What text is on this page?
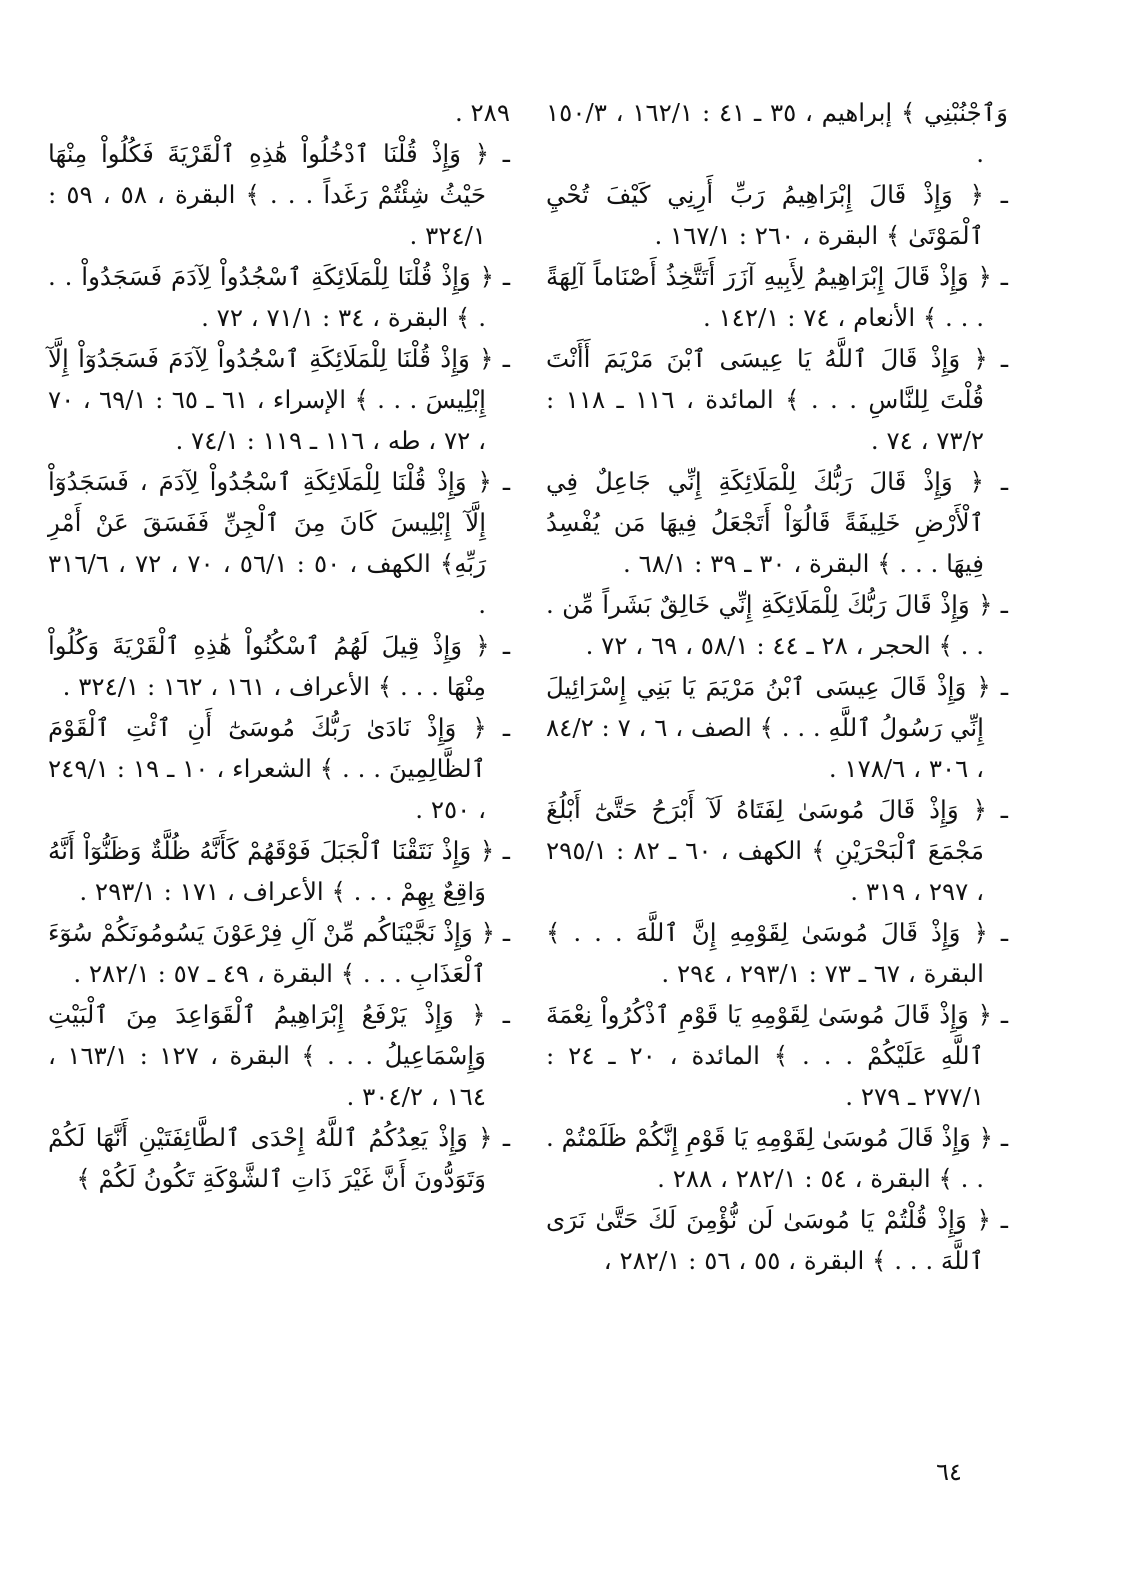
وَٱجْنُبْنِي ﴾ إبراهيم ، ٣٥ ـ ٤١ : ١٦٢/١ ، ١٥٠/٣ .

ـ ﴿ وَإِذْ قَالَ إِبْرَاهِيمُ رَبِّ أَرِنِي كَيْفَ تُحْيِ ٱلْمَوْتَىٰ ﴾ البقرة ، ٢٦٠ : ١٦٧/١ .

ـ ﴿ وَإِذْ قَالَ إِبْرَاهِيمُ لِأَبِيهِ آزَرَ أَتَتَّخِذُ أَصْنَاماً آلِهَةً . . . ﴾ الأنعام ، ٧٤ : ١٤٢/١ .

ـ ﴿ وَإِذْ قَالَ ٱللَّهُ يَا عِيسَى ٱبْنَ مَرْيَمَ أَأَنْتَ قُلْتَ لِلنَّاسِ . . . ﴾ المائدة ، ١١٦ ـ ١١٨ : ٧٣/٢ ، ٧٤ .

ـ ﴿ وَإِذْ قَالَ رَبُّكَ لِلْمَلَائِكَةِ إِنِّي جَاعِلٌ فِي ٱلْأَرْضِ خَلِيفَةً قَالُوٓاْ أَتَجْعَلُ فِيهَا مَن يُفْسِدُ فِيهَا . . . ﴾ البقرة ، ٣٠ ـ ٣٩ : ٦٨/١ .

ـ ﴿ وَإِذْ قَالَ رَبُّكَ لِلْمَلَائِكَةِ إِنِّي خَالِقٌ بَشَراً مِّن . . . ﴾ الحجر ، ٢٨ ـ ٤٤ : ٥٨/١ ، ٦٩ ، ٧٢ .

ـ ﴿ وَإِذْ قَالَ عِيسَى ٱبْنُ مَرْيَمَ يَا بَنِي إِسْرَائِيلَ إِنِّي رَسُولُ ٱللَّهِ . . . ﴾ الصف ، ٦ ، ٧ : ٨٤/٢ ، ٣٠٦ ، ١٧٨/٦ .

ـ ﴿ وَإِذْ قَالَ مُوسَىٰ لِفَتَاهُ لَآ أَبْرَحُ حَتَّىٰٓ أَبْلُغَ مَجْمَعَ ٱلْبَحْرَيْنِ ﴾ الكهف ، ٦٠ ـ ٨٢ : ٢٩٥/١ ، ٢٩٧ ، ٣١٩ .

ـ ﴿ وَإِذْ قَالَ مُوسَىٰ لِقَوْمِهِ إِنَّ ٱللَّهَ . . . ﴾ البقرة ، ٦٧ ـ ٧٣ : ٢٩٣/١ ، ٢٩٤ .

ـ ﴿ وَإِذْ قَالَ مُوسَىٰ لِقَوْمِهِ يَا قَوْمِ ٱذْكُرُواْ نِعْمَةَ ٱللَّهِ عَلَيْكُمْ . . . ﴾ المائدة ، ٢٠ ـ ٢٤ : ٢٧٧/١ ـ ٢٧٩ .

ـ ﴿ وَإِذْ قَالَ مُوسَىٰ لِقَوْمِهِ يَا قَوْمِ إِنَّكُمْ ظَلَمْتُمْ . . . ﴾ البقرة ، ٥٤ : ٢٨٢/١ ، ٢٨٨ .

ـ ﴿ وَإِذْ قُلْتُمْ يَا مُوسَىٰ لَن نُّؤْمِنَ لَكَ حَتَّىٰ نَرَى ٱللَّهَ . . . ﴾ البقرة ، ٥٥ ، ٥٦ : ٢٨٢/١ ،

٢٨٩ .

ـ ﴿ وَإِذْ قُلْنَا ٱدْخُلُواْ هَٰذِهِ ٱلْقَرْيَةَ فَكُلُواْ مِنْهَا حَيْثُ شِئْتُمْ رَغَداً . . . ﴾ البقرة ، ٥٨ ، ٥٩ : ٣٢٤/١ .

ـ ﴿ وَإِذْ قُلْنَا لِلْمَلَائِكَةِ ٱسْجُدُواْ لِآدَمَ فَسَجَدُواْ . . . ﴾ البقرة ، ٣٤ : ٧١/١ ، ٧٢ .

ـ ﴿ وَإِذْ قُلْنَا لِلْمَلَائِكَةِ ٱسْجُدُواْ لِآدَمَ فَسَجَدُوٓاْ إِلَّآ إِبْلِيسَ . . . ﴾ الإسراء ، ٦١ ـ ٦٥ : ٦٩/١ ، ٧٠ ، ٧٢ ، طه ، ١١٦ ـ ١١٩ : ٧٤/١ .

ـ ﴿ وَإِذْ قُلْنَا لِلْمَلَائِكَةِ ٱسْجُدُواْ لِآدَمَ ، فَسَجَدُوٓاْ إِلَّآ إِبْلِيسَ كَانَ مِنَ ٱلْجِنِّ فَفَسَقَ عَنْ أَمْرِ رَبِّهِ﴾ الكهف ، ٥٠ : ٥٦/١ ، ٧٠ ، ٧٢ ، ٣١٦/٦ .

ـ ﴿ وَإِذْ قِيلَ لَهُمُ ٱسْكُنُواْ هَٰذِهِ ٱلْقَرْيَةَ وَكُلُواْ مِنْهَا . . . ﴾ الأعراف ، ١٦١ ، ١٦٢ : ٣٢٤/١ .

ـ ﴿ وَإِذْ نَادَىٰ رَبُّكَ مُوسَىٰٓ أَنِ ٱئْتِ ٱلْقَوْمَ ٱلظَّالِمِينَ . . . ﴾ الشعراء ، ١٠ ـ ١٩ : ٢٤٩/١ ، ٢٥٠ .

ـ ﴿ وَإِذْ نَتَقْنَا ٱلْجَبَلَ فَوْقَهُمْ كَأَنَّهُ ظُلَّةٌ وَظَنُّوٓاْ أَنَّهُ وَاقِعٌ بِهِمْ . . . ﴾ الأعراف ، ١٧١ : ٢٩٣/١ .

ـ ﴿ وَإِذْ نَجَّيْنَاكُم مِّنْ آلِ فِرْعَوْنَ يَسُومُونَكُمْ سُوٓءَ ٱلْعَذَابِ . . . ﴾ البقرة ، ٤٩ ـ ٥٧ : ٢٨٢/١ .

ـ ﴿ وَإِذْ يَرْفَعُ إِبْرَاهِيمُ ٱلْقَوَاعِدَ مِنَ ٱلْبَيْتِ وَإِسْمَاعِيلُ . . . ﴾ البقرة ، ١٢٧ : ١٦٣/١ ، ١٦٤ ، ٣٠٤/٢ .

ـ ﴿ وَإِذْ يَعِدُكُمُ ٱللَّهُ إِحْدَى ٱلطَّائِفَتَيْنِ أَنَّهَا لَكُمْ وَتَوَدُّونَ أَنَّ غَيْرَ ذَاتِ ٱلشَّوْكَةِ تَكُونُ لَكُمْ ﴾

٦٤
